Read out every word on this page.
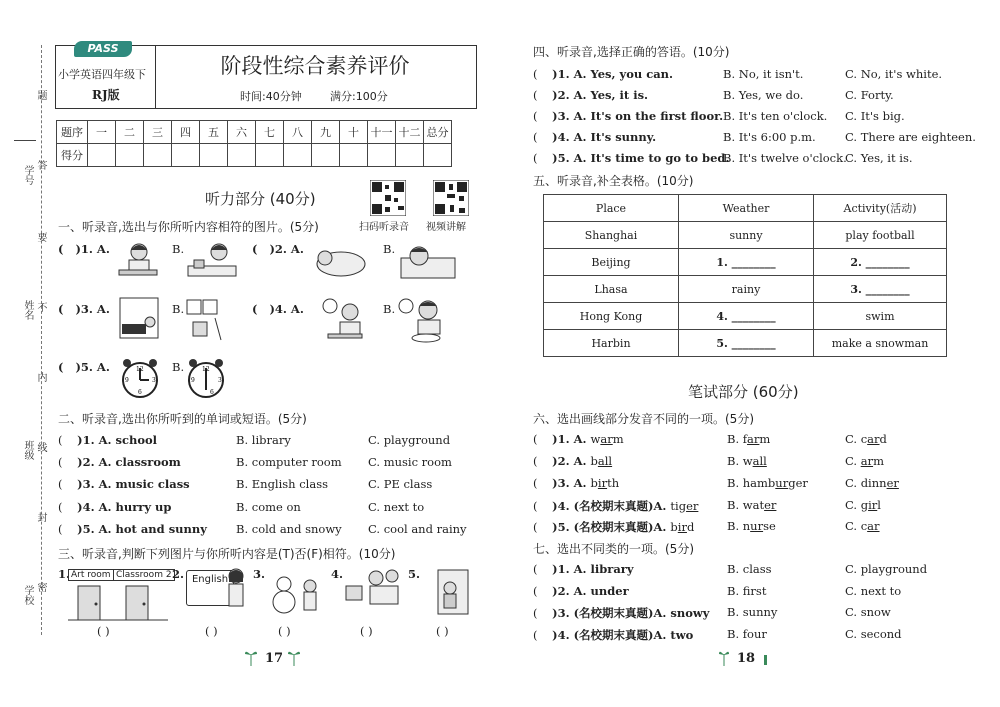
学号
姓名
班级
学校
题
答
要
不
内
线
封
密
PASS
小学英语四年级下
RJ版
阶段性综合素养评价
时间:40分钟	满分:100分
题序	一	二	三	四	五	六	七	八	九	十	十一	十二	总分
得分													
听力部分 (40分)
扫码听录音 视频讲解
一、听录音,选出与你所听内容相符的图片。(5分)
( )1. A.	B.	( )2. A.	B.
( )3. A.	B.	( )4. A.	B.
( )5. A.	B.
12
3
6
9
12
3
6
9
二、听录音,选出你所听到的单词或短语。(5分)
( )1. A. school	B. library	C. playground
( )2. A. classroom	B. computer room C. music room
( )3. A. music class	B. English class	C. PE class
( )4. A. hurry up	B. come on	C. next to
( )5. A. hot and sunny	B. cold and snowy C. cool and rainy
三、听录音,判断下列图片与你所听内容是(T)否(F)相符。(10分)
1. Art room Classroom 2 2. English	3.	4.	5.
( )	( )	( )	( )	( )
17
四、听录音,选择正确的答语。(10分)
( )1. A. Yes, you can.	B. No, it isn't.	C. No, it's white.
( )2. A. Yes, it is.	B. Yes, we do.	C. Forty.
( )3. A. It's on the first floor. B. It's ten o'clock. C. It's big.
( )4. A. It's sunny.	B. It's 6:00 p.m.	C. There are eighteen.
( )5. A. It's time to go to bed.
B. It's twelve o'clock.
C. Yes, it is.
五、听录音,补全表格。(10分)
Place	Weather	Activity(活动)
Shanghai	sunny	play football
Beijing	1. ________	2. ________
Lhasa	rainy	3. ________
Hong Kong	4. ________	swim
Harbin	5. ________	make a snowman
笔试部分 (60分)
六、选出画线部分发音不同的一项。(5分)
( )1. A. warm	B. farm	C. card
( )2. A. ball	B. wall	C. arm
( )3. A. birth	B. hamburger	C. dinner
( )4. (名校期末真题)A. tiger B. water	C. girl
( )5. (名校期末真题)A. bird	B. nurse	C. car
七、选出不同类的一项。(5分)
( )1. A. library	B. class	C. playground
( )2. A. under	B. first	C. next to
( )3. (名校期末真题)A. snowy B. sunny	C. snow
( )4. (名校期末真题)A. two	B. four	C. second
18
